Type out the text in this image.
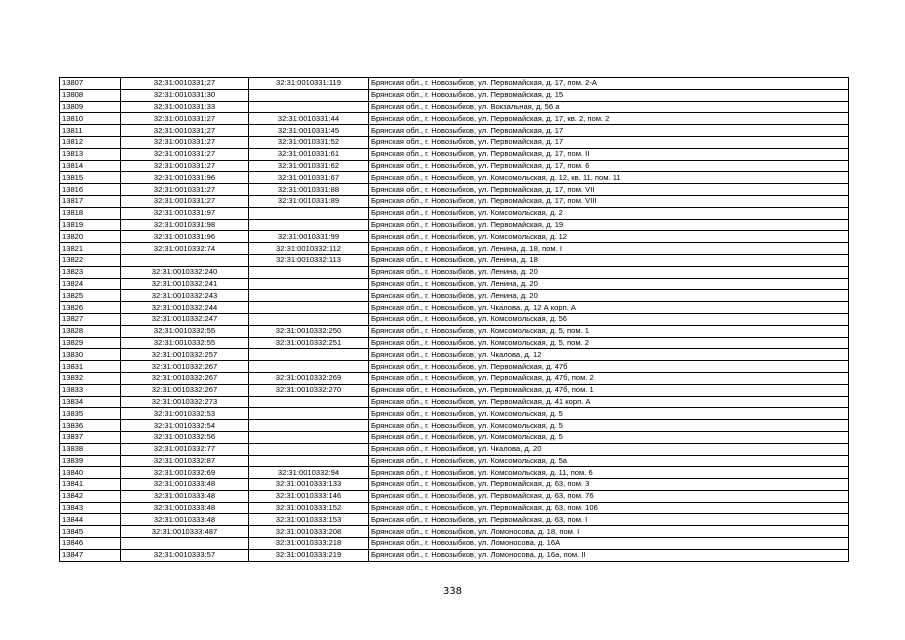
13807	32:31:0010331:27	32:31:0010331:119	Брянская обл., г. Новозыбков, ул. Первомайская, д. 17, пом. 2-А
13808	32:31:0010331:30		Брянская обл., г. Новозыбков, ул. Первомайская, д. 15
13809	32:31:0010331:33		Брянская обл., г. Новозыбков, ул. Вокзальная, д. 56 а
13810	32:31:0010331:27	32:31:0010331:44	Брянская обл., г. Новозыбков, ул. Первомайская, д. 17, кв. 2, пом. 2
13811	32:31:0010331:27	32:31:0010331:45	Брянская обл., г. Новозыбков, ул. Первомайская, д. 17
13812	32:31:0010331:27	32:31:0010331:52	Брянская обл., г. Новозыбков, ул. Первомайская, д. 17
13813	32:31:0010331:27	32:31:0010331:61	Брянская обл., г. Новозыбков, ул. Первомайская, д. 17, пом. II
13814	32:31:0010331:27	32:31:0010331:62	Брянская обл., г. Новозыбков, ул. Первомайская, д. 17, пом. 6
13815	32:31:0010331:96	32:31:0010331:67	Брянская обл., г. Новозыбков, ул. Комсомольская, д. 12, кв. 11, пом. 11
13816	32:31:0010331:27	32:31:0010331:88	Брянская обл., г. Новозыбков, ул. Первомайская, д. 17, пом. VII
13817	32:31:0010331:27	32:31:0010331:89	Брянская обл., г. Новозыбков, ул. Первомайская, д. 17, пом. VIII
13818	32:31:0010331:97		Брянская обл., г. Новозыбков, ул. Комсомольская, д. 2
13819	32:31:0010331:98		Брянская обл., г. Новозыбков, ул. Первомайская, д. 19
13820	32:31:0010331:96	32:31:0010331:99	Брянская обл., г. Новозыбков, ул. Комсомольская, д. 12
13821	32:31:0010332:74	32:31:0010332:112	Брянская обл., г. Новозыбков, ул. Ленина, д. 18, пом. I
13822		32:31:0010332:113	Брянская обл., г. Новозыбков, ул. Ленина, д. 18
13823	32:31:0010332:240		Брянская обл., г. Новозыбков, ул. Ленина, д. 20
13824	32:31:0010332:241		Брянская обл., г. Новозыбков, ул. Ленина, д. 20
13825	32:31:0010332:243		Брянская обл., г. Новозыбков, ул. Ленина, д. 20
13826	32:31:0010332:244		Брянская обл., г. Новозыбков, ул. Чкалова, д. 12 А корп. А
13827	32:31:0010332:247		Брянская обл., г. Новозыбков, ул. Комсомольская, д. 56
13828	32:31:0010332:55	32:31:0010332:250	Брянская обл., г. Новозыбков, ул. Комсомольская, д. 5, пом. 1
13829	32:31:0010332:55	32:31:0010332:251	Брянская обл., г. Новозыбков, ул. Комсомольская, д. 5, пом. 2
13830	32:31:0010332:257		Брянская обл., г. Новозыбков, ул. Чкалова, д. 12
13831	32:31:0010332:267		Брянская обл., г. Новозыбков, ул. Первомайская, д. 47б
13832	32:31:0010332:267	32:31:0010332:269	Брянская обл., г. Новозыбков, ул. Первомайская, д. 47б, пом. 2
13833	32:31:0010332:267	32:31:0010332:270	Брянская обл., г. Новозыбков, ул. Первомайская, д. 47б, пом. 1
13834	32:31:0010332:273		Брянская обл., г. Новозыбков, ул. Первомайская, д. 41 корп. А
13835	32:31:0010332:53		Брянская обл., г. Новозыбков, ул. Комсомольская, д. 5
13836	32:31:0010332:54		Брянская обл., г. Новозыбков, ул. Комсомольская, д. 5
13837	32:31:0010332:56		Брянская обл., г. Новозыбков, ул. Комсомольская, д. 5
13838	32:31:0010332:77		Брянская обл., г. Новозыбков, ул. Чкалова, д. 20
13839	32:31:0010332:87		Брянская обл., г. Новозыбков, ул. Комсомольская, д. 5а
13840	32:31:0010332:69	32:31:0010332:94	Брянская обл., г. Новозыбков, ул. Комсомольская, д. 11, пом. 6
13841	32:31:0010333:48	32:31:0010333:133	Брянская обл., г. Новозыбков, ул. Первомайская, д. 63, пом. 3
13842	32:31:0010333:48	32:31:0010333:146	Брянская обл., г. Новозыбков, ул. Первомайская, д. 63, пом. 76
13843	32:31:0010333:48	32:31:0010333:152	Брянская обл., г. Новозыбков, ул. Первомайская, д. 63, пом. 106
13844	32:31:0010333:48	32:31:0010333:153	Брянская обл., г. Новозыбков, ул. Первомайская, д. 63, пом. I
13845	32:31:0010333:487	32:31:0010333:208	Брянская обл., г. Новозыбков, ул. Ломоносова, д. 18, пом. I
13846		32:31:0010333:218	Брянская обл., г. Новозыбков, ул. Ломоносова, д. 16А
13847	32:31:0010333:57	32:31:0010333:219	Брянская обл., г. Новозыбков, ул. Ломоносова, д. 16а, пом. II
338
